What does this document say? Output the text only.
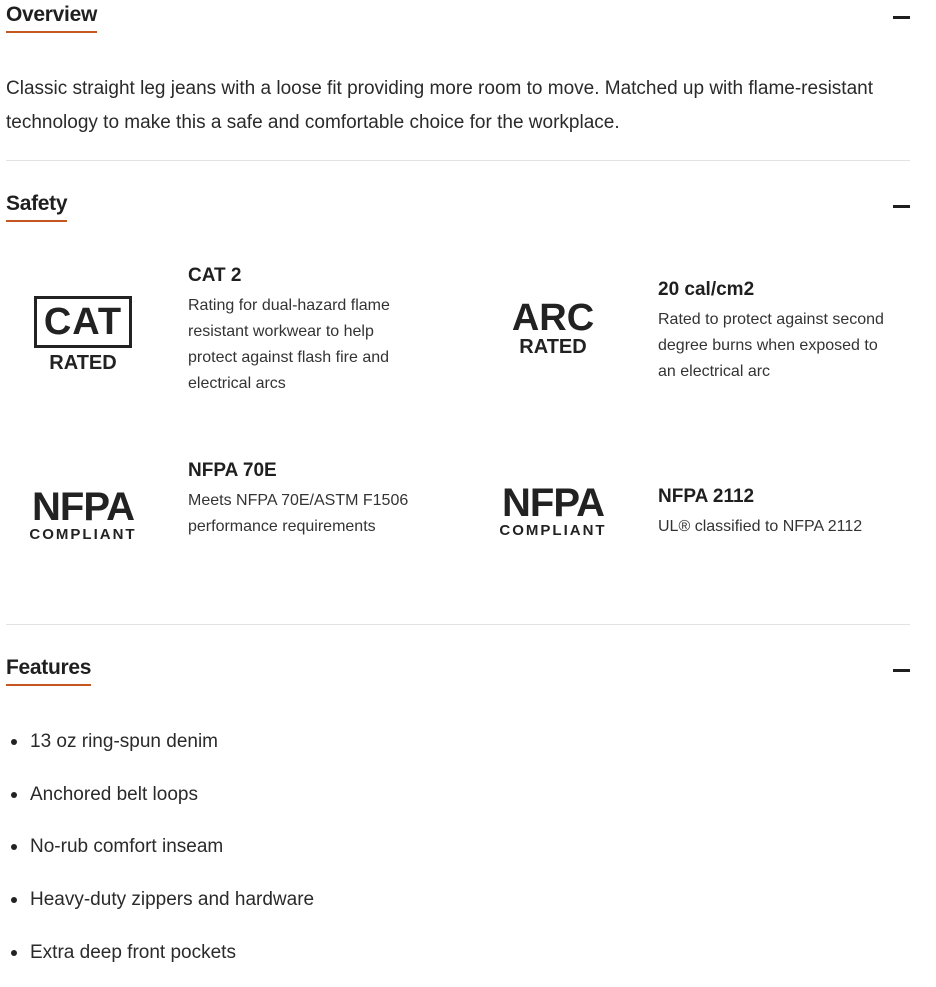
Overview
Classic straight leg jeans with a loose fit providing more room to move. Matched up with flame-resistant technology to make this a safe and comfortable choice for the workplace.
Safety
CAT
RATED
CAT 2

Rating for dual-hazard flame resistant workwear to help protect against flash fire and electrical arcs

ARC
RATED
20 cal/cm2

Rated to protect against second degree burns when exposed to an electrical arc

NFPA
COMPLIANT
NFPA 70E

Meets NFPA 70E/ASTM F1506 performance requirements

NFPA
COMPLIANT
NFPA 2112

UL® classified to NFPA 2112

Features
13 oz ring-spun denim
Anchored belt loops
No-rub comfort inseam
Heavy-duty zippers and hardware
Extra deep front pockets
